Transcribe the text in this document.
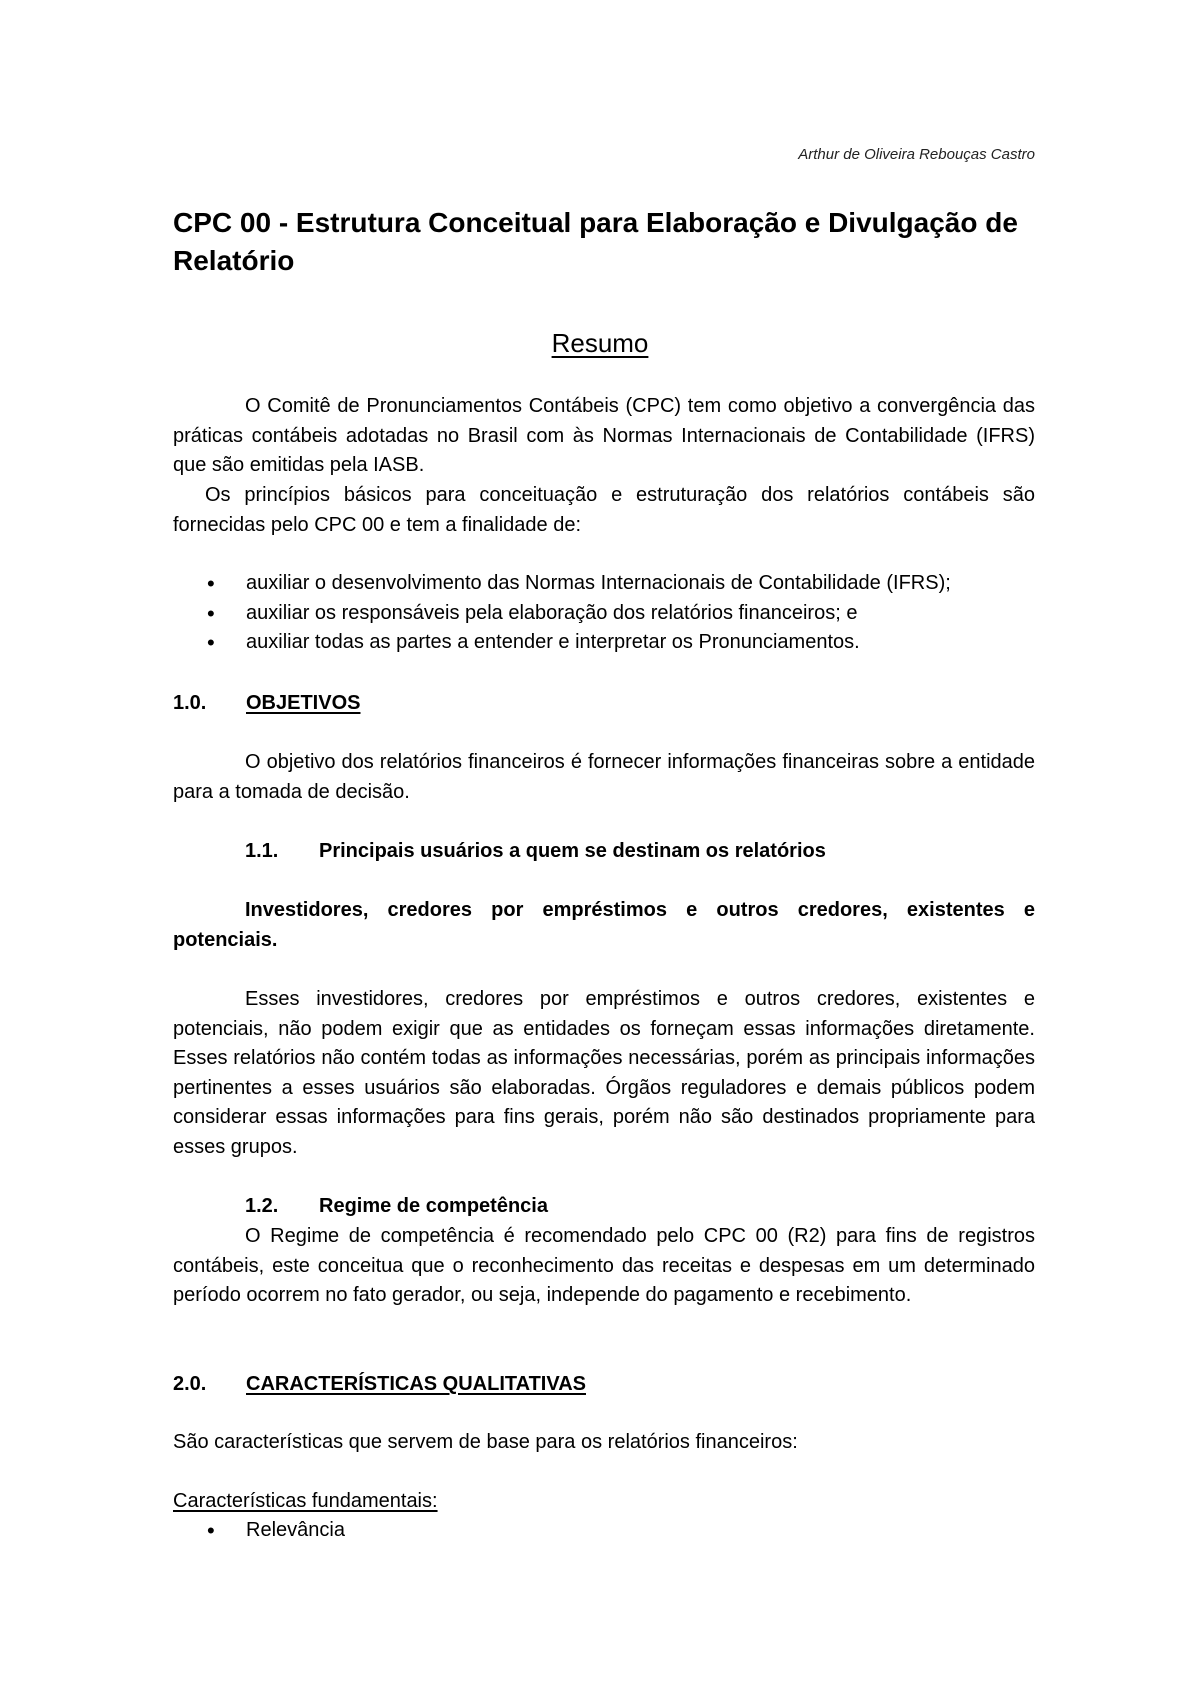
Arthur de Oliveira Rebouças Castro
CPC 00 - Estrutura Conceitual para Elaboração e Divulgação de Relatório
Resumo

O Comitê de Pronunciamentos Contábeis (CPC) tem como objetivo a convergência das práticas contábeis adotadas no Brasil com às Normas Internacionais de Contabilidade (IFRS) que são emitidas pela IASB.

Os princípios básicos para conceituação e estruturação dos relatórios contábeis são fornecidas pelo CPC 00 e tem a finalidade de:

• auxiliar o desenvolvimento das Normas Internacionais de Contabilidade (IFRS);
• auxiliar os responsáveis pela elaboração dos relatórios financeiros; e
• auxiliar todas as partes a entender e interpretar os Pronunciamentos.
1.0. OBJETIVOS

O objetivo dos relatórios financeiros é fornecer informações financeiras sobre a entidade para a tomada de decisão.

1.1. Principais usuários a quem se destinam os relatórios

Investidores, credores por empréstimos e outros credores, existentes e potenciais.

Esses investidores, credores por empréstimos e outros credores, existentes e potenciais, não podem exigir que as entidades os forneçam essas informações diretamente. Esses relatórios não contém todas as informações necessárias, porém as principais informações pertinentes a esses usuários são elaboradas. Órgãos reguladores e demais públicos podem considerar essas informações para fins gerais, porém não são destinados propriamente para esses grupos.

1.2. Regime de competência

O Regime de competência é recomendado pelo CPC 00 (R2) para fins de registros contábeis, este conceitua que o reconhecimento das receitas e despesas em um determinado período ocorrem no fato gerador, ou seja, independe do pagamento e recebimento.

2.0. CARACTERÍSTICAS QUALITATIVAS

São características que servem de base para os relatórios financeiros:

Características fundamentais:

• Relevância
